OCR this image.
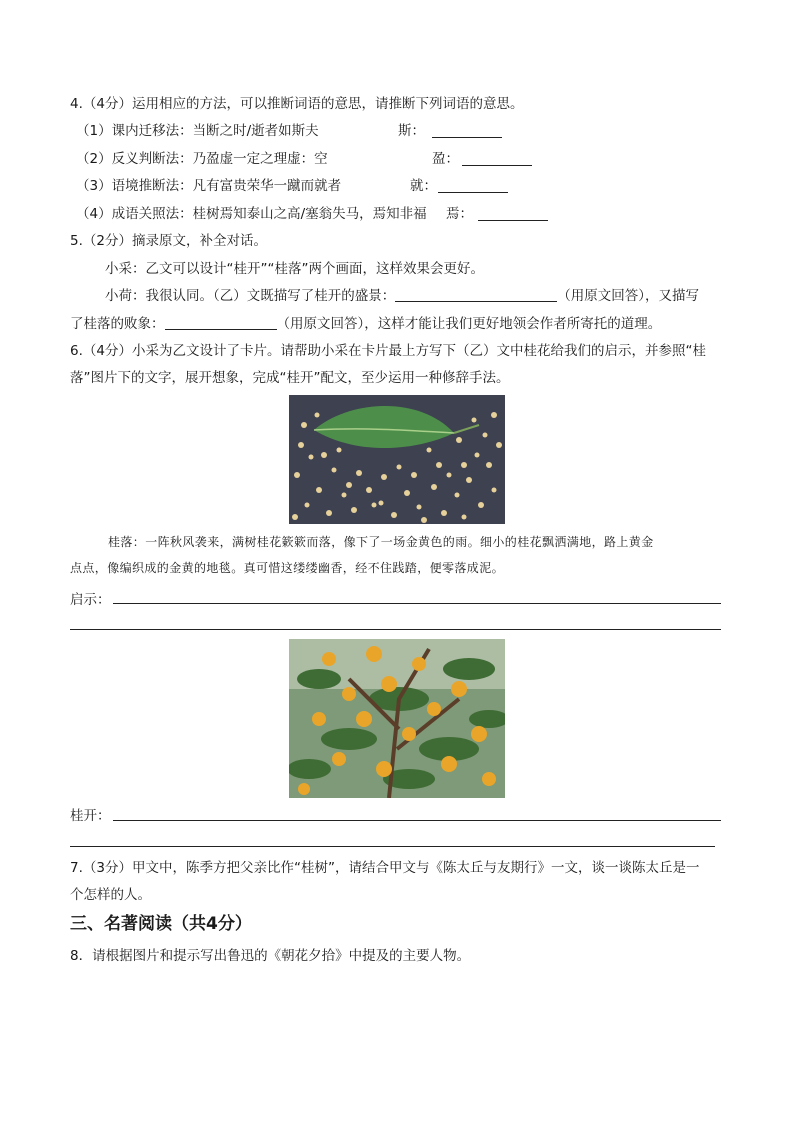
4.（4分）运用相应的方法，可以推断词语的意思，请推断下列词语的意思。
（1）课内迁移法：当断之时/逝者如斯夫	斯：
（2）反义判断法：乃盈虚一定之理虚：空	盈：
（3）语境推断法：凡有富贵荣华一蹴而就者	就：
（4）成语关照法：桂树焉知泰山之高/塞翁失马，焉知非福 焉：
5.（2分）摘录原文，补全对话。
小采：乙文可以设计“桂开”“桂落”两个画面，这样效果会更好。
小荷：我很认同。（乙）文既描写了桂开的盛景：	（用原文回答），又描写
了桂落的败象：	（用原文回答），这样才能让我们更好地领会作者所寄托的道理。
6.（4分）小采为乙文设计了卡片。请帮助小采在卡片最上方写下（乙）文中桂花给我们的启示，并参照“桂
落”图片下的文字，展开想象，完成“桂开”配文，至少运用一种修辞手法。
桂落：一阵秋风袭来，满树桂花簌簌而落，像下了一场金黄色的雨。细小的桂花飘洒满地，路上黄金
点点，像编织成的金黄的地毯。真可惜这缕缕幽香，经不住践踏，便零落成泥。
启示：
桂开：
7.（3分）甲文中，陈季方把父亲比作“桂树”，请结合甲文与《陈太丘与友期行》一文，谈一谈陈太丘是一
个怎样的人。
三、名著阅读（共4分）
8．请根据图片和提示写出鲁迅的《朝花夕拾》中提及的主要人物。
